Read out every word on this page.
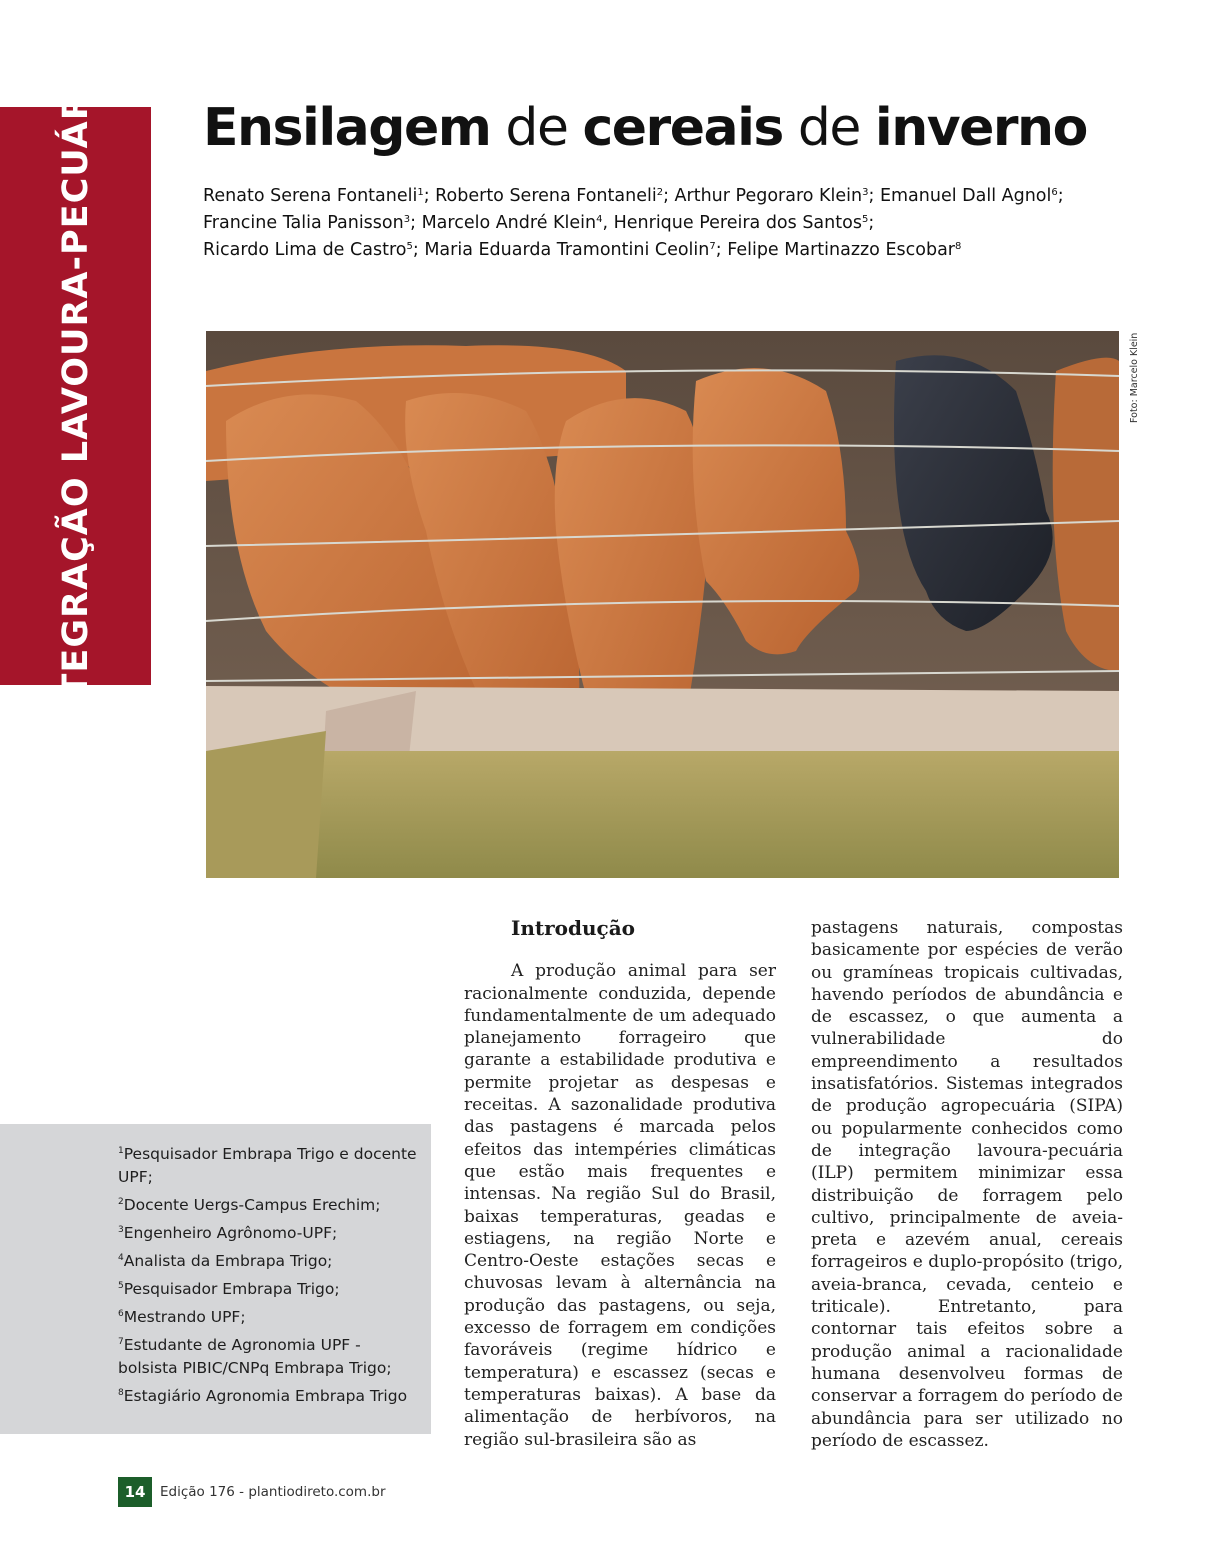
INTEGRAÇÃO LAVOURA-PECUÁRIA Ensilagem de cereais de inverno
Renato Serena Fontaneli$^1$; Roberto Serena Fontaneli$^2$; Arthur Pegoraro Klein$^3$; Emanuel Dall Agnol$^6$;
Francine Talia Panisson$^3$; Marcelo André Klein$^4$, Henrique Pereira dos Santos$^5$;
Ricardo Lima de Castro$^5$; Maria Eduarda Tramontini Ceolin$^7$; Felipe Martinazzo Escobar$^8$
Foto: Marcelo Klein
$^1$Pesquisador Embrapa Trigo e docente UPF;
$^2$Docente Uergs-Campus Erechim;
$^3$Engenheiro Agrônomo-UPF;
$^4$Analista da Embrapa Trigo;
$^5$Pesquisador Embrapa Trigo;
$^6$Mestrando UPF;
$^7$Estudante de Agronomia UPF - bolsista PIBIC/CNPq Embrapa Trigo;
$^8$Estagiário Agronomia Embrapa Trigo
Introdução

A produção animal para ser racionalmente conduzida, depende fundamentalmente de um adequado planejamento forrageiro que garante a estabilidade produtiva e permite projetar as despesas e receitas. A sazonalidade produtiva das pastagens é marcada pelos efeitos das intempéries climáticas que estão mais frequentes e intensas. Na região Sul do Brasil, baixas temperaturas, geadas e estiagens, na região Norte e Centro-Oeste estações secas e chuvosas levam à alternância na produção das pastagens, ou seja, excesso de forragem em condições favoráveis (regime hídrico e temperatura) e escassez (secas e temperaturas baixas). A base da alimentação de herbívoros, na região sul-brasileira são as

pastagens naturais, compostas basicamente por espécies de verão ou gramíneas tropicais cultivadas, havendo períodos de abundância e de escassez, o que aumenta a vulnerabilidade do empreendimento a resultados insatisfatórios. Sistemas integrados de produção agropecuária (SIPA) ou popularmente conhecidos como de integração lavoura-pecuária (ILP) permitem minimizar essa distribuição de forragem pelo cultivo, principalmente de aveia-preta e azevém anual, cereais forrageiros e duplo-propósito (trigo, aveia-branca, cevada, centeio e triticale). Entretanto, para contornar tais efeitos sobre a produção animal a racionalidade humana desenvolveu formas de conservar a forragem do período de abundância para ser utilizado no período de escassez.

14	Edição 176 - plantiodireto.com.br
